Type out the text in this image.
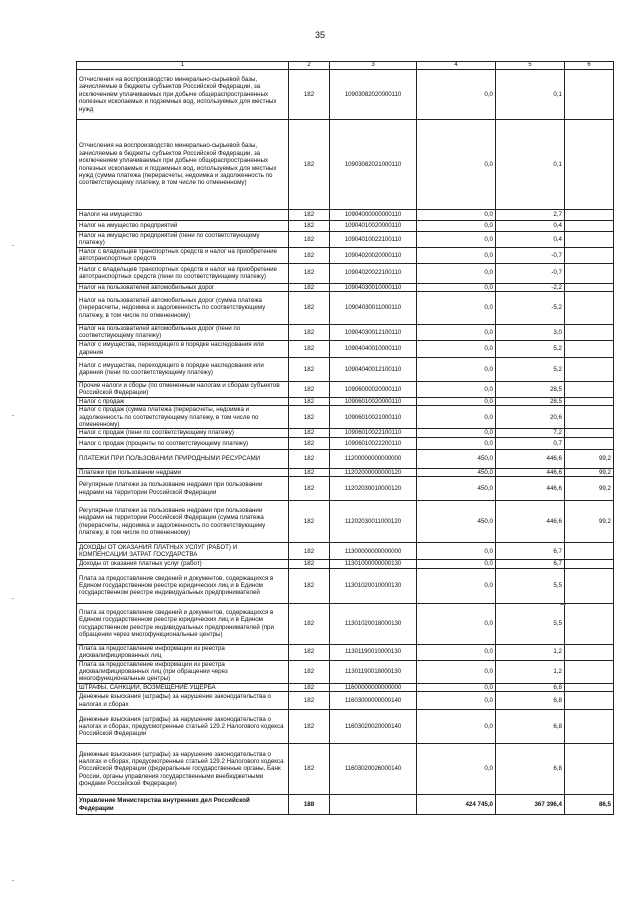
35
1	2	3	4	5	6
Отчисления на воспроизводство минерально-сырьевой базы, зачисляемые в бюджеты субъектов Российской Федерации, за исключением уплачиваемых при добыче общераспространенных полезных ископаемых и подземных вод, используемых для местных нужд	182	10903082020000110	0,0	0,1	
Отчисления на воспроизводство минерально-сырьевой базы, зачисляемые в бюджеты субъектов Российской Федерации, за исключением уплачиваемых при добыче общераспространенных полезных ископаемых и подземных вод, используемых для местных нужд (сумма платежа (перерасчеты, недоимка и задолженность по соответствующему платежу, в том числе по отмененному)	182	10903082021000110	0,0	0,1	
Налоги на имущество	182	10904000000000110	0,0	2,7	
Налог на имущество предприятий	182	10904010020000110	0,0	0,4	
Налог на имущество предприятий (пени по соответствующему платежу)	182	10904010022100110	0,0	0,4	
Налог с владельцев транспортных средств и налог на приобретение автотранспортных средств	182	10904020020000110	0,0	-0,7	
Налог с владельцев транспортных средств и налог на приобретение автотранспортных средств (пени по соответствующему платежу)	182	10904020022100110	0,0	-0,7	
Налог на пользователей автомобильных дорог	182	10904030010000110	0,0	-2,2	
Налог на пользователей автомобильных дорог (сумма платежа (перерасчеты, недоимка и задолженность по соответствующему платежу, в том числе по отмененному)	182	10904030011000110	0,0	-5,2	
Налог на пользователей автомобильных дорог (пени по соответствующему платежу)	182	10904030012100110	0,0	3,0	
Налог с имущества, переходящего в порядке наследования или дарения	182	10904040010000110	0,0	5,2	
Налог с имущества, переходящего в порядке наследования или дарения (пени по соответствующему платежу)	182	10904040012100110	0,0	5,2	
Прочие налоги и сборы (по отмененным налогам и сборам субъектов Российской Федерации)	182	10906000020000110	0,0	28,5	
Налог с продаж	182	10906010020000110	0,0	28,5	
Налог с продаж (сумма платежа (перерасчеты, недоимка и задолженность по соответствующему платежу, в том числе по отмененному)	182	10906010021000110	0,0	20,6	
Налог с продаж (пени по соответствующему платежу)	182	10906010022100110	0,0	7,2	
Налог с продаж (проценты по соответствующему платежу)	182	10906010022200110	0,0	0,7	
ПЛАТЕЖИ ПРИ ПОЛЬЗОВАНИИ ПРИРОДНЫМИ РЕСУРСАМИ	182	11200000000000000	450,0	446,6	99,2
Платежи при пользовании недрами	182	11202000000000120	450,0	446,6	99,2
Регулярные платежи за пользование недрами при пользовании недрами на территории Российской Федерации	182	11202030010000120	450,0	446,6	99,2
Регулярные платежи за пользование недрами при пользовании недрами на территории Российской Федерации (сумма платежа (перерасчеты, недоимка и задолженность по соответствующему платежу, в том числе по отмененному)	182	11202030011000120	450,0	446,6	99,2
ДОХОДЫ ОТ ОКАЗАНИЯ ПЛАТНЫХ УСЛУГ (РАБОТ) И КОМПЕНСАЦИИ ЗАТРАТ ГОСУДАРСТВА	182	11300000000000000	0,0	6,7	
Доходы от оказания платных услуг (работ)	182	11301000000000130	0,0	6,7	
Плата за предоставление сведений и документов, содержащихся в Едином государственном реестре юридических лиц и в Едином государственном реестре индивидуальных предпринимателей	182	11301020010000130	0,0	5,5	
Плата за предоставление сведений и документов, содержащихся в Едином государственном реестре юридических лиц и в Едином государственном реестре индивидуальных предпринимателей (при обращении через многофункциональные центры)	182	11301020018000130	0,0	5,5	
Плата за предоставление информации из реестра дисквалифицированных лиц	182	11301190010000130	0,0	1,2	
Плата за предоставление информации из реестра дисквалифицированных лиц (при обращении через многофункциональные центры)	182	11301190018000130	0,0	1,2	
ШТРАФЫ, САНКЦИИ, ВОЗМЕЩЕНИЕ УЩЕРБА	182	11600000000000000	0,0	6,8	
Денежные взыскания (штрафы) за нарушение законодательства о налогах и сборах	182	11603000000000140	0,0	6,8	
Денежные взыскания (штрафы) за нарушение законодательства о налогах и сборах, предусмотренные статьей 129.2 Налогового кодекса Российской Федерации	182	11603020020000140	0,0	6,8	
Денежные взыскания (штрафы) за нарушение законодательства о налогах и сборах, предусмотренные статьей 129.2 Налогового кодекса Российской Федерации (федеральные государственные органы, Банк России, органы управления государственными внебюджетными фондами Российской Федерации)	182	11603020026000140	0,0	6,8	
Управление Министерства внутренних дел Российской Федерации	188		424 745,0	367 396,4	86,5
